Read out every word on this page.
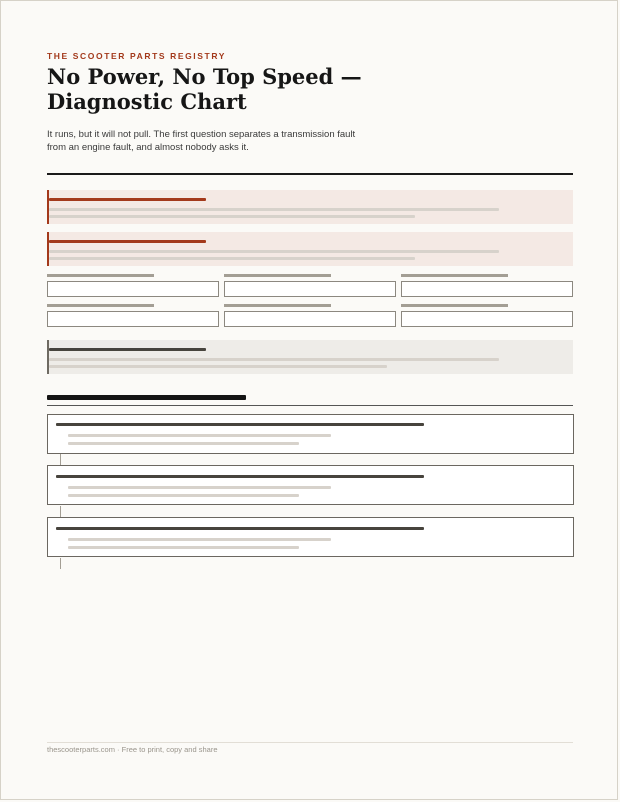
THE SCOOTER PARTS REGISTRY
No Power, No Top Speed — Diagnostic Chart
It runs, but it will not pull. The first question separates a transmission fault from an engine fault, and almost nobody asks it.
thescooterparts.com · Free to print, copy and share
